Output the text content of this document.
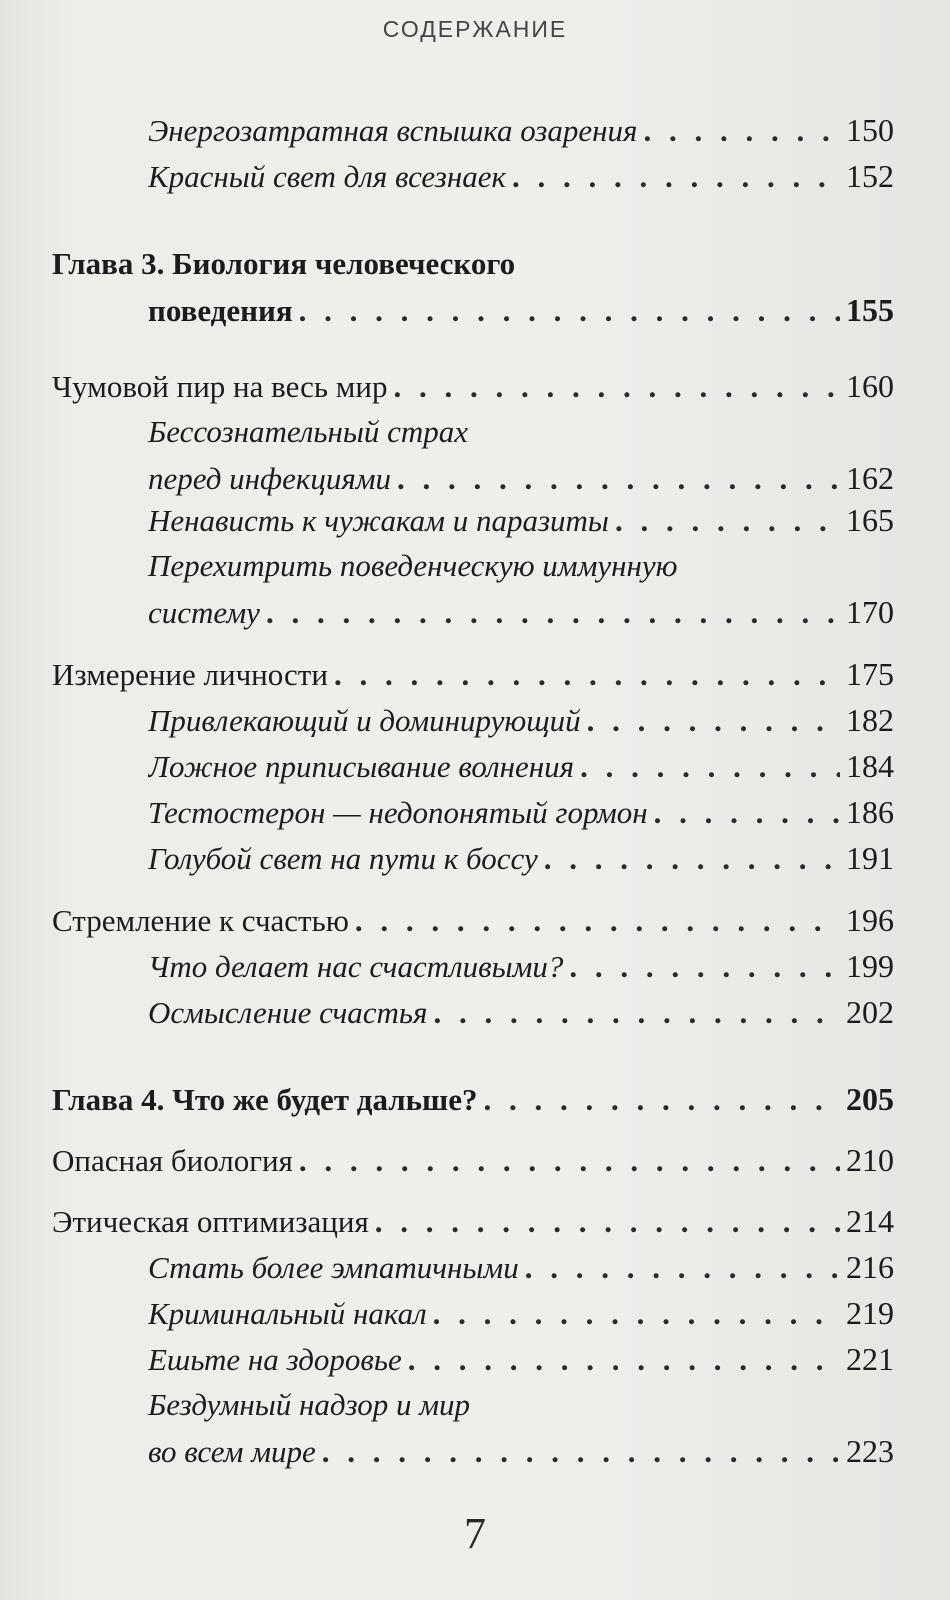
СОДЕРЖАНИЕ
Энергозатратная вспышка озарения . . .	150
Красный свет для всезнаек . . .	152
Глава 3. Биология человеческого
поведения . . .	155
Чумовой пир на весь мир . . .	160
Бессознательный страх
перед инфекциями . . .	162
Ненависть к чужакам и паразиты . . .	165
Перехитрить поведенческую иммунную
систему . . .	170
Измерение личности . . .	175
Привлекающий и доминирующий . . .	182
Ложное приписывание волнения . . .	184
Тестостерон — недопонятый гормон . . .	186
Голубой свет на пути к боссу . . .	191
Стремление к счастью . . .	196
Что делает нас счастливыми? . . .	199
Осмысление счастья . . .	202
Глава 4. Что же будет дальше? . . .	205
Опасная биология . . .	210
Этическая оптимизация . . .	214
Стать более эмпатичными . . .	216
Криминальный накал . . .	219
Ешьте на здоровье . . .	221
Бездумный надзор и мир
во всем мире . . .	223
7
